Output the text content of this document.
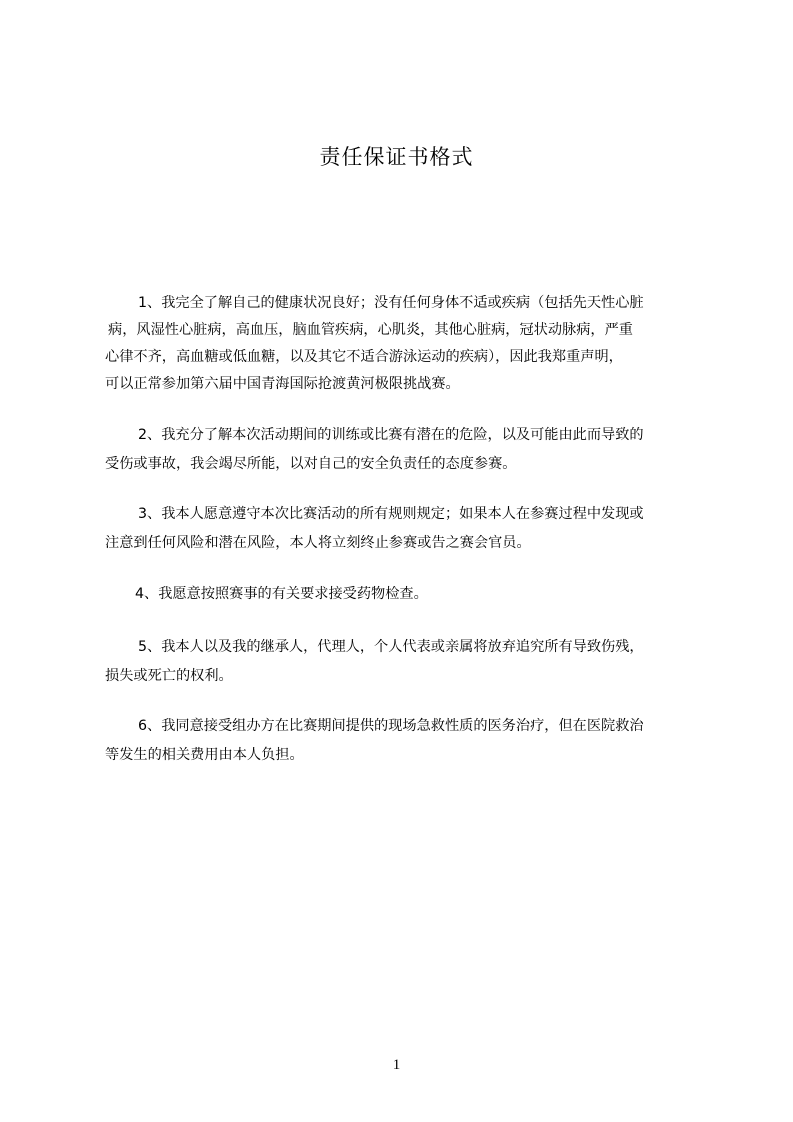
责任保证书格式

1、我完全了解自己的健康状况良好；没有任何身体不适或疾病（包括先天性心脏
病，风湿性心脏病，高血压，脑血管疾病，心肌炎，其他心脏病，冠状动脉病，严重
心律不齐，高血糖或低血糖，以及其它不适合游泳运动的疾病），因此我郑重声明，
可以正常参加第六届中国青海国际抢渡黄河极限挑战赛。

2、我充分了解本次活动期间的训练或比赛有潜在的危险，以及可能由此而导致的
受伤或事故，我会竭尽所能，以对自己的安全负责任的态度参赛。

3、我本人愿意遵守本次比赛活动的所有规则规定；如果本人在参赛过程中发现或
注意到任何风险和潜在风险，本人将立刻终止参赛或告之赛会官员。

4、我愿意按照赛事的有关要求接受药物检查。

5、我本人以及我的继承人，代理人，个人代表或亲属将放弃追究所有导致伤残，
损失或死亡的权利。

6、我同意接受组办方在比赛期间提供的现场急救性质的医务治疗，但在医院救治
等发生的相关费用由本人负担。

1
